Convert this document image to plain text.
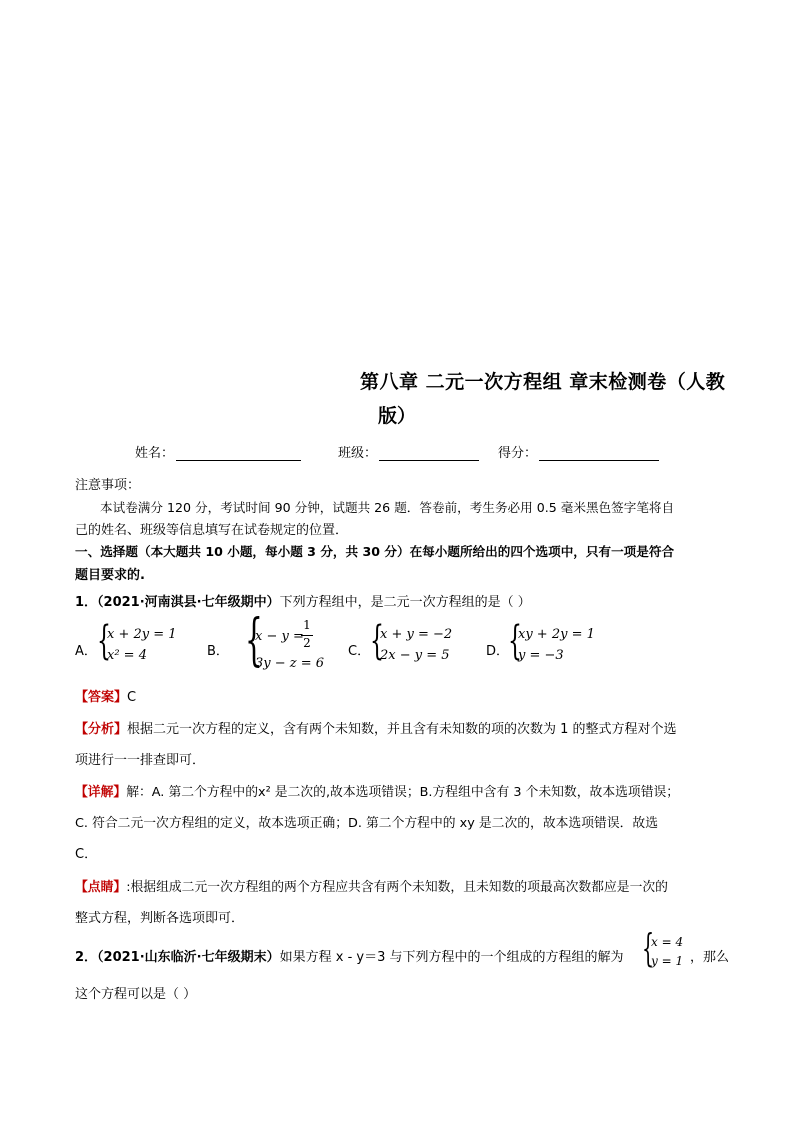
第八章 二元一次方程组 章末检测卷（人教
版）
姓名：	班级：	得分：
注意事项：
本试卷满分 120 分，考试时间 90 分钟，试题共 26 题．答卷前，考生务必用 0.5 毫米黑色签字笔将自
己的姓名、班级等信息填写在试卷规定的位置．
一、选择题（本大题共 10 小题，每小题 3 分，共 30 分）在每小题所给出的四个选项中，只有一项是符合
题目要求的.
1．（2021·河南淇县·七年级期中）下列方程组中，是二元一次方程组的是（ ）
A． {
x + 2y = 1
x² = 4	B． {
x − y =
1
2
3y − z = 6
C． {
x + y = −2
2x − y = 5	D．
{
xy + 2y = 1
y = −3
【答案】C
【分析】根据二元一次方程的定义，含有两个未知数，并且含有未知数的项的次数为 1 的整式方程对个选
项进行一一排查即可．
【详解】解：A. 第二个方程中的x² 是二次的,故本选项错误；B.方程组中含有 3 个未知数，故本选项错误；
C. 符合二元一次方程组的定义，故本选项正确；D. 第二个方程中的 xy 是二次的，故本选项错误．故选
C．
【点睛】:根据组成二元一次方程组的两个方程应共含有两个未知数，且未知数的项最高次数都应是一次的
整式方程，判断各选项即可．
2．（2021·山东临沂·七年级期末）如果方程 x - y＝3 与下列方程中的一个组成的方程组的解为 {
x = 4
y = 1 ，那么
这个方程可以是（ ）
